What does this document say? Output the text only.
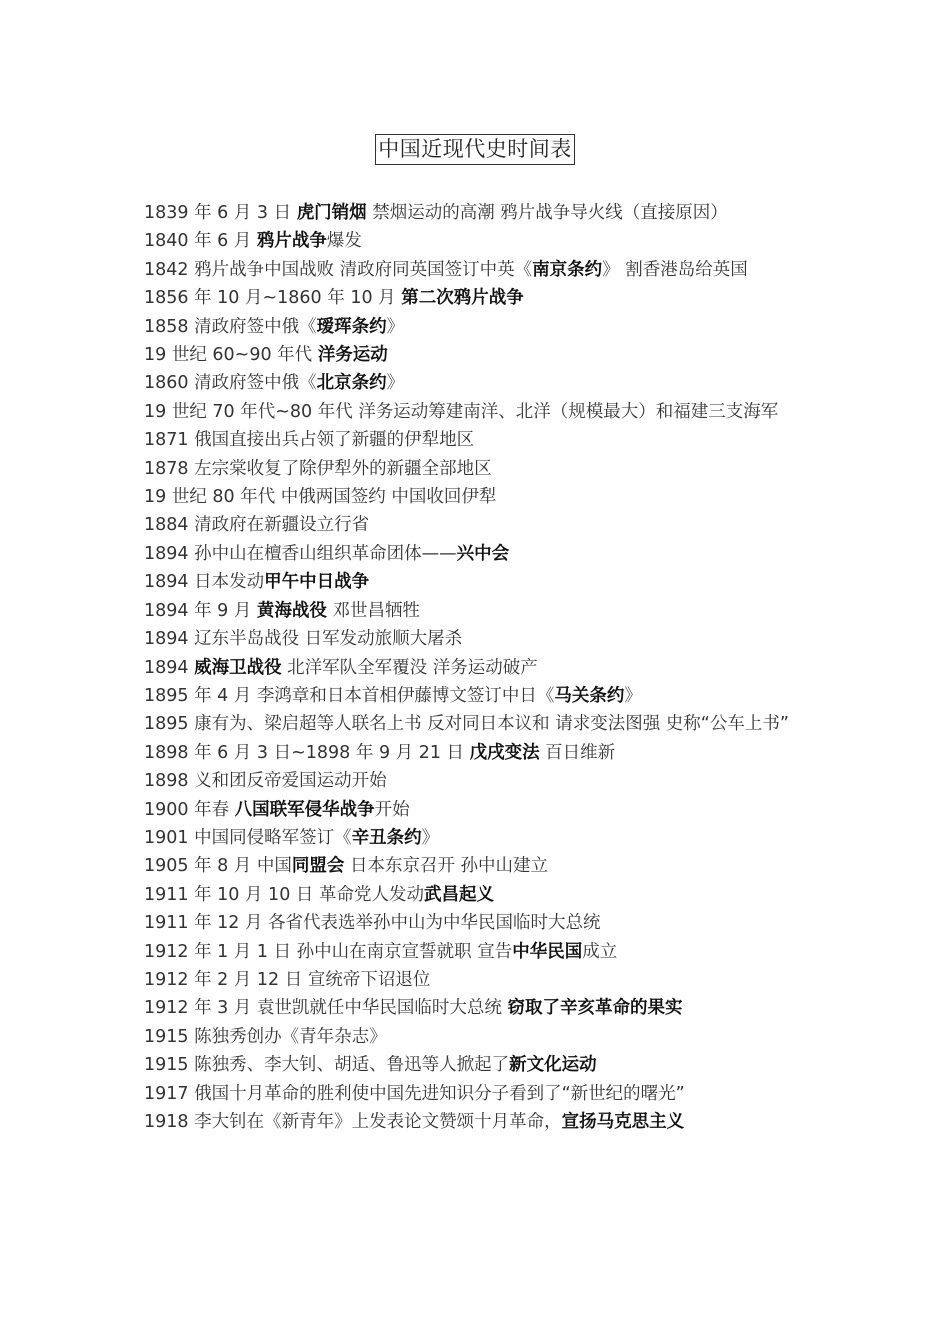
中国近现代史时间表
1839 年 6 月 3 日 虎门销烟 禁烟运动的高潮 鸦片战争导火线（直接原因）
1840 年 6 月 鸦片战争爆发
1842 鸦片战争中国战败 清政府同英国签订中英《南京条约》 割香港岛给英国
1856 年 10 月~1860 年 10 月 第二次鸦片战争
1858 清政府签中俄《瑷珲条约》
19 世纪 60~90 年代 洋务运动
1860 清政府签中俄《北京条约》
19 世纪 70 年代~80 年代 洋务运动筹建南洋、北洋（规模最大）和福建三支海军
1871 俄国直接出兵占领了新疆的伊犁地区
1878 左宗棠收复了除伊犁外的新疆全部地区
19 世纪 80 年代 中俄两国签约 中国收回伊犁
1884 清政府在新疆设立行省
1894 孙中山在檀香山组织革命团体——兴中会
1894 日本发动甲午中日战争
1894 年 9 月 黄海战役 邓世昌牺牲
1894 辽东半岛战役 日军发动旅顺大屠杀
1894 威海卫战役 北洋军队全军覆没 洋务运动破产
1895 年 4 月 李鸿章和日本首相伊藤博文签订中日《马关条约》
1895 康有为、梁启超等人联名上书 反对同日本议和 请求变法图强 史称“公车上书”
1898 年 6 月 3 日~1898 年 9 月 21 日 戊戌变法 百日维新
1898 义和团反帝爱国运动开始
1900 年春 八国联军侵华战争开始
1901 中国同侵略军签订《辛丑条约》
1905 年 8 月 中国同盟会 日本东京召开 孙中山建立
1911 年 10 月 10 日 革命党人发动武昌起义
1911 年 12 月 各省代表选举孙中山为中华民国临时大总统
1912 年 1 月 1 日 孙中山在南京宣誓就职 宣告中华民国成立
1912 年 2 月 12 日 宣统帝下诏退位
1912 年 3 月 袁世凯就任中华民国临时大总统 窃取了辛亥革命的果实
1915 陈独秀创办《青年杂志》
1915 陈独秀、李大钊、胡适、鲁迅等人掀起了新文化运动
1917 俄国十月革命的胜利使中国先进知识分子看到了“新世纪的曙光”
1918 李大钊在《新青年》上发表论文赞颂十月革命，宣扬马克思主义
